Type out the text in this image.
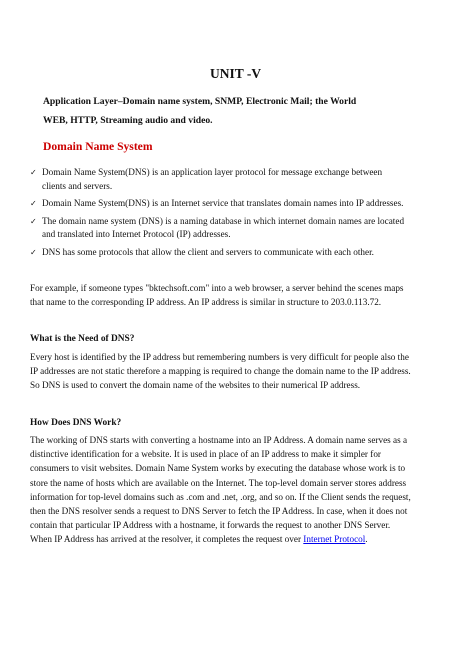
UNIT -V
Application Layer–Domain name system, SNMP, Electronic Mail; the World
WEB, HTTP, Streaming audio and video.
Domain Name System
✓ Domain Name System(DNS) is an application layer protocol for message exchange between
clients and servers.
✓ Domain Name System(DNS) is an Internet service that translates domain names into IP addresses.
✓ The domain name system (DNS) is a naming database in which internet domain names are located
and translated into Internet Protocol (IP) addresses.
✓ DNS has some protocols that allow the client and servers to communicate with each other.
For example, if someone types "bktechsoft.com" into a web browser, a server behind the scenes maps
that name to the corresponding IP address. An IP address is similar in structure to 203.0.113.72.
What is the Need of DNS?
Every host is identified by the IP address but remembering numbers is very difficult for people also the
IP addresses are not static therefore a mapping is required to change the domain name to the IP address.
So DNS is used to convert the domain name of the websites to their numerical IP address.
How Does DNS Work?
The working of DNS starts with converting a hostname into an IP Address. A domain name serves as a
distinctive identification for a website. It is used in place of an IP address to make it simpler for
consumers to visit websites. Domain Name System works by executing the database whose work is to
store the name of hosts which are available on the Internet. The top-level domain server stores address
information for top-level domains such as .com and .net, .org, and so on. If the Client sends the request,
then the DNS resolver sends a request to DNS Server to fetch the IP Address. In case, when it does not
contain that particular IP Address with a hostname, it forwards the request to another DNS Server.
When IP Address has arrived at the resolver, it completes the request over Internet Protocol.
